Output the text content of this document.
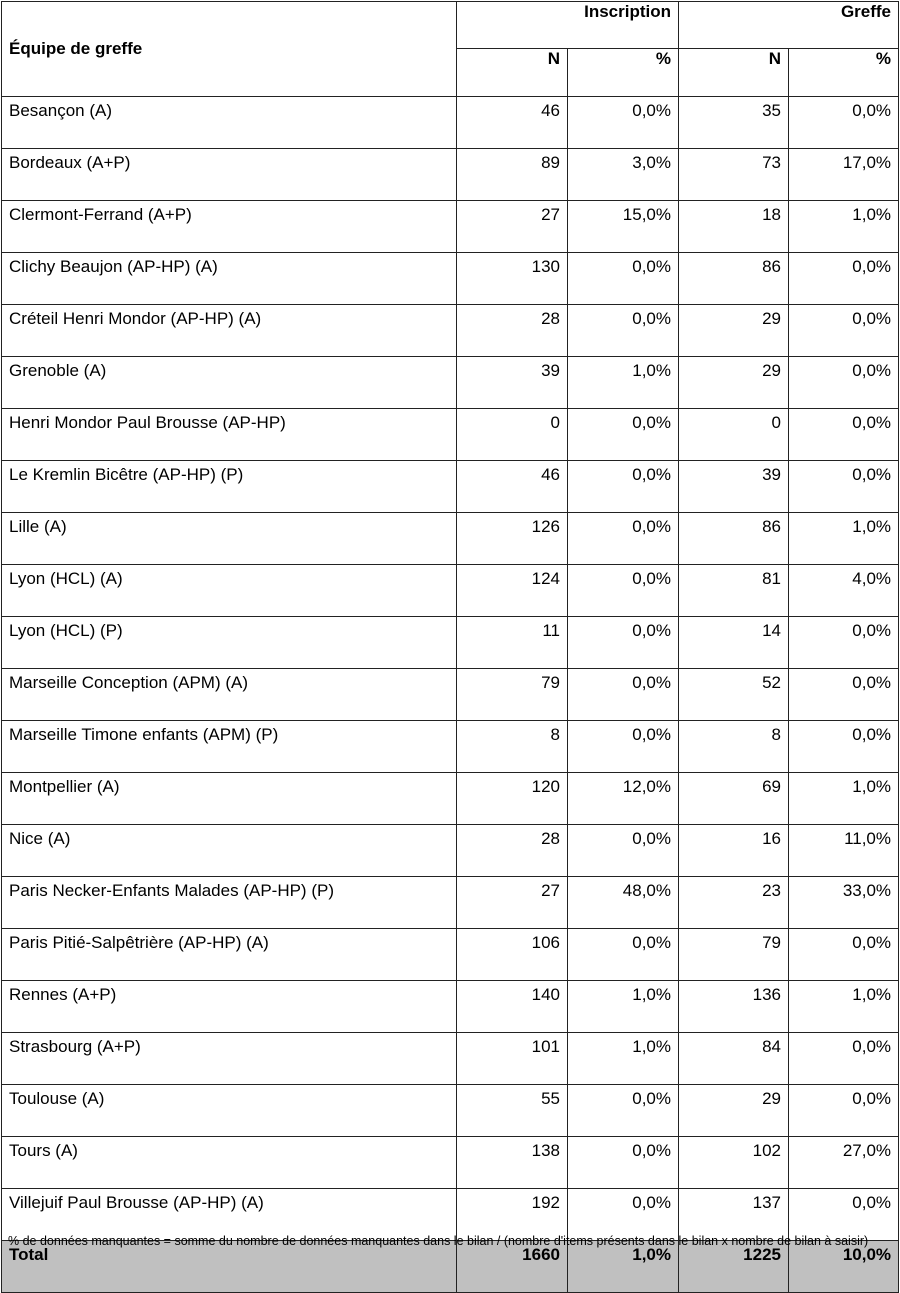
Équipe de greffe	Inscription		Greffe	
	N	%	N	%
Besançon (A)	46	0,0%	35	0,0%
Bordeaux (A+P)	89	3,0%	73	17,0%
Clermont-Ferrand (A+P)	27	15,0%	18	1,0%
Clichy Beaujon (AP-HP) (A)	130	0,0%	86	0,0%
Créteil Henri Mondor (AP-HP) (A)	28	0,0%	29	0,0%
Grenoble (A)	39	1,0%	29	0,0%
Henri Mondor Paul Brousse (AP-HP)	0	0,0%	0	0,0%
Le Kremlin Bicêtre (AP-HP) (P)	46	0,0%	39	0,0%
Lille (A)	126	0,0%	86	1,0%
Lyon (HCL) (A)	124	0,0%	81	4,0%
Lyon (HCL) (P)	11	0,0%	14	0,0%
Marseille Conception (APM) (A)	79	0,0%	52	0,0%
Marseille Timone enfants (APM) (P)	8	0,0%	8	0,0%
Montpellier (A)	120	12,0%	69	1,0%
Nice (A)	28	0,0%	16	11,0%
Paris Necker-Enfants Malades (AP-HP) (P)	27	48,0%	23	33,0%
Paris Pitié-Salpêtrière (AP-HP) (A)	106	0,0%	79	0,0%
Rennes (A+P)	140	1,0%	136	1,0%
Strasbourg (A+P)	101	1,0%	84	0,0%
Toulouse (A)	55	0,0%	29	0,0%
Tours (A)	138	0,0%	102	27,0%
Villejuif Paul Brousse (AP-HP) (A)	192	0,0%	137	0,0%
Total	1660	1,0%	1225	10,0%
% de données manquantes = somme du nombre de données manquantes dans le bilan / (nombre d'items présents dans le bilan x nombre de bilan à saisir)
